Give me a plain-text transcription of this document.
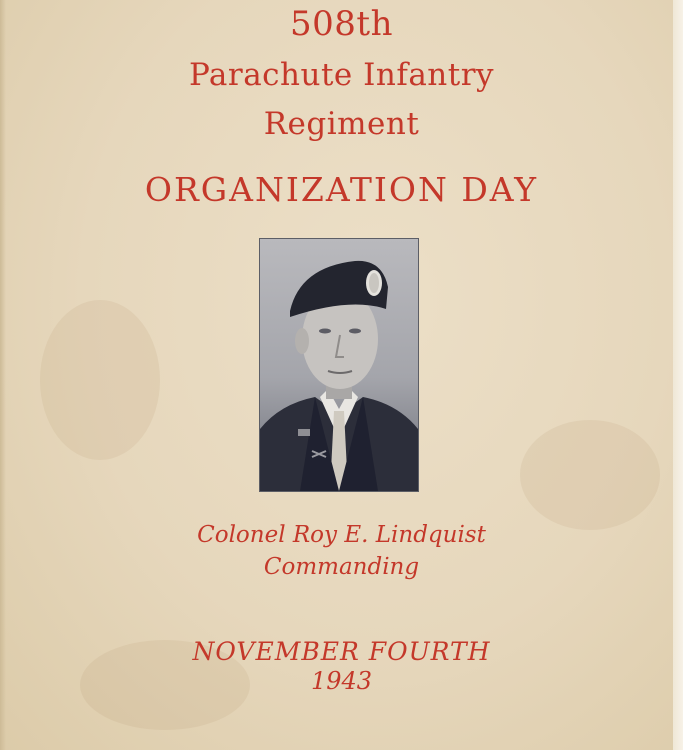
508th
Parachute Infantry
Regiment
ORGANIZATION DAY
Colonel Roy E. Lindquist
Commanding
NOVEMBER FOURTH
1943
